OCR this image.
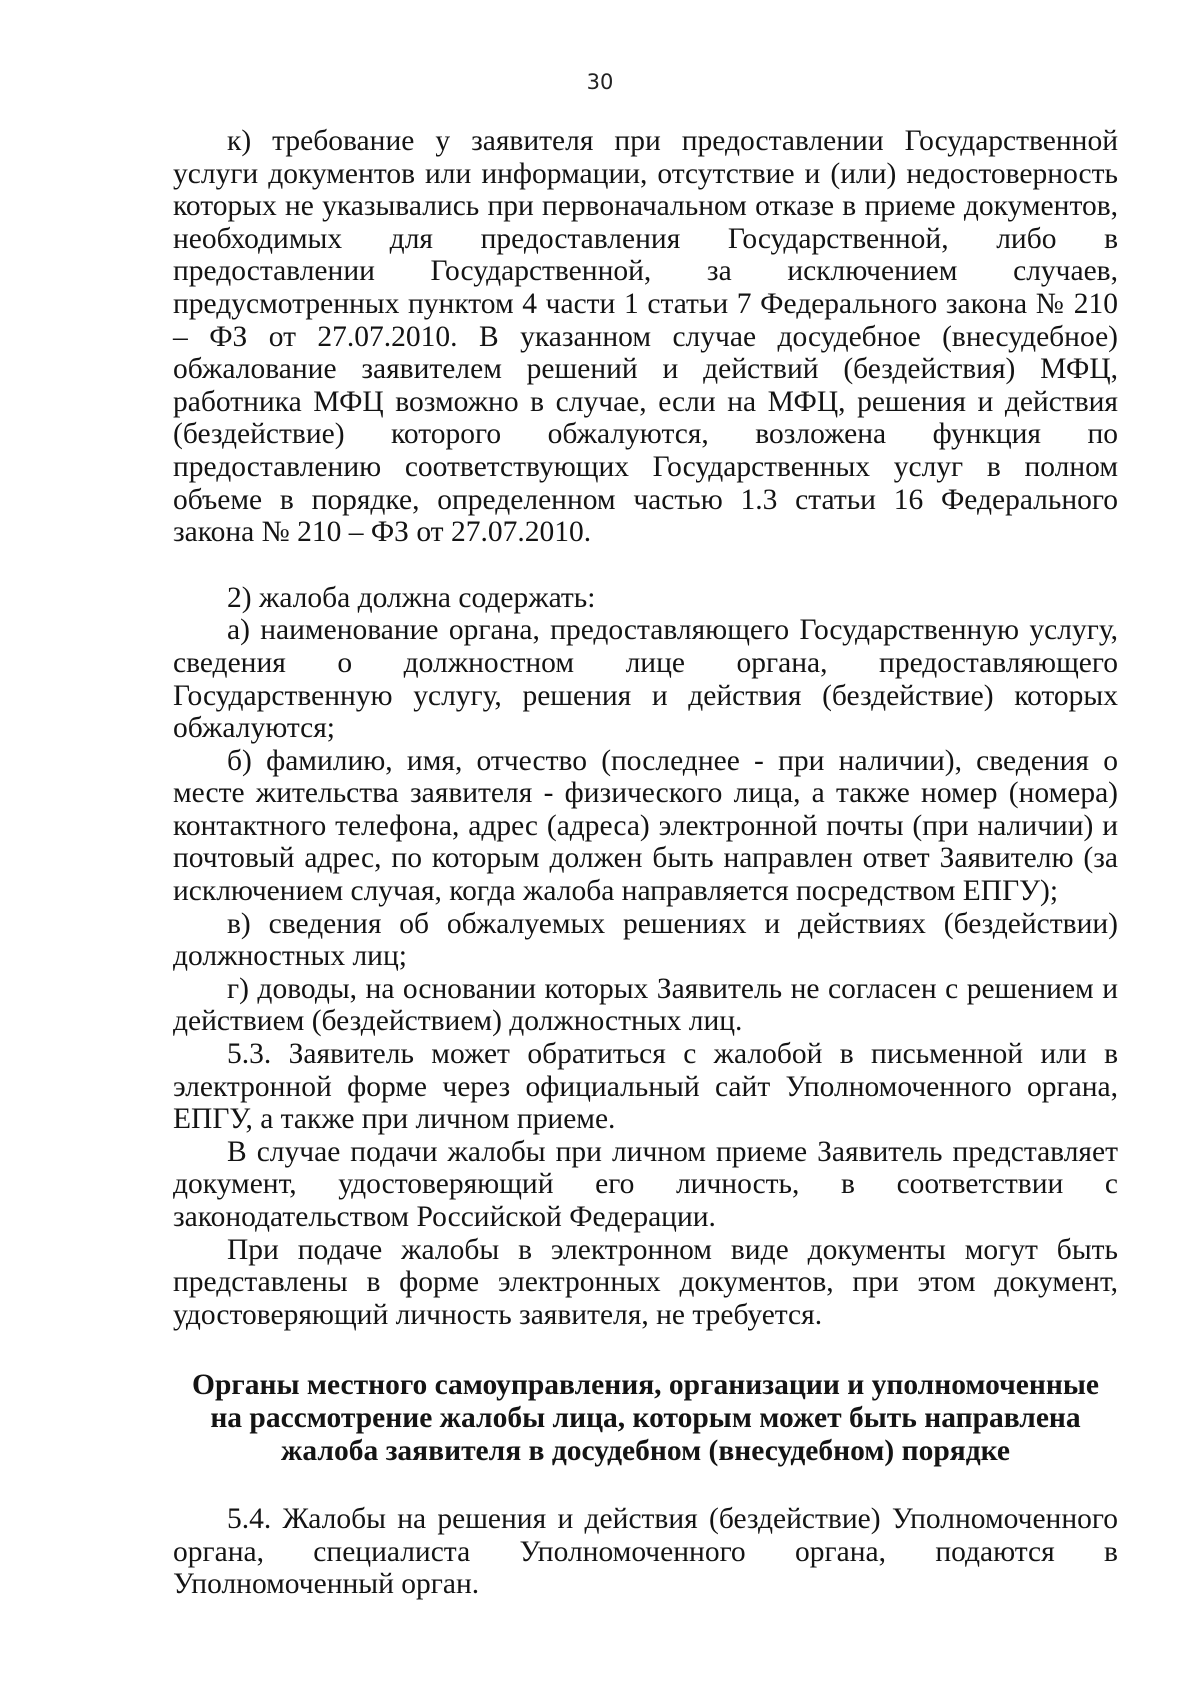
30

к) требование у заявителя при предоставлении Государственной услуги документов или информации, отсутствие и (или) недостоверность которых не указывались при первоначальном отказе в приеме документов, необходимых для предоставления Государственной, либо в предоставлении Государственной, за исключением случаев, предусмотренных пунктом 4 части 1 статьи 7 Федерального закона № 210 – ФЗ от 27.07.2010. В указанном случае досудебное (внесудебное) обжалование заявителем решений и действий (бездействия) МФЦ, работника МФЦ возможно в случае, если на МФЦ, решения и действия (бездействие) которого обжалуются, возложена функция по предоставлению соответствующих Государственных услуг в полном объеме в порядке, определенном частью 1.3 статьи 16 Федерального закона № 210 – ФЗ от 27.07.2010.

2) жалоба должна содержать:

а) наименование органа, предоставляющего Государственную услугу, сведения о должностном лице органа, предоставляющего Государственную услугу, решения и действия (бездействие) которых обжалуются;

б) фамилию, имя, отчество (последнее - при наличии), сведения о месте жительства заявителя - физического лица, а также номер (номера) контактного телефона, адрес (адреса) электронной почты (при наличии) и почтовый адрес, по которым должен быть направлен ответ Заявителю (за исключением случая, когда жалоба направляется посредством ЕПГУ);

в) сведения об обжалуемых решениях и действиях (бездействии) должностных лиц;

г) доводы, на основании которых Заявитель не согласен с решением и действием (бездействием) должностных лиц.

5.3. Заявитель может обратиться с жалобой в письменной или в электронной форме через официальный сайт Уполномоченного органа, ЕПГУ, а также при личном приеме.

В случае подачи жалобы при личном приеме Заявитель представляет документ, удостоверяющий его личность, в соответствии с законодательством Российской Федерации.

При подаче жалобы в электронном виде документы могут быть представлены в форме электронных документов, при этом документ, удостоверяющий личность заявителя, не требуется.

Органы местного самоуправления, организации и уполномоченные
на рассмотрение жалобы лица, которым может быть направлена
жалоба заявителя в досудебном (внесудебном) порядке

5.4. Жалобы на решения и действия (бездействие) Уполномоченного органа, специалиста Уполномоченного органа, подаются в Уполномоченный орган.
